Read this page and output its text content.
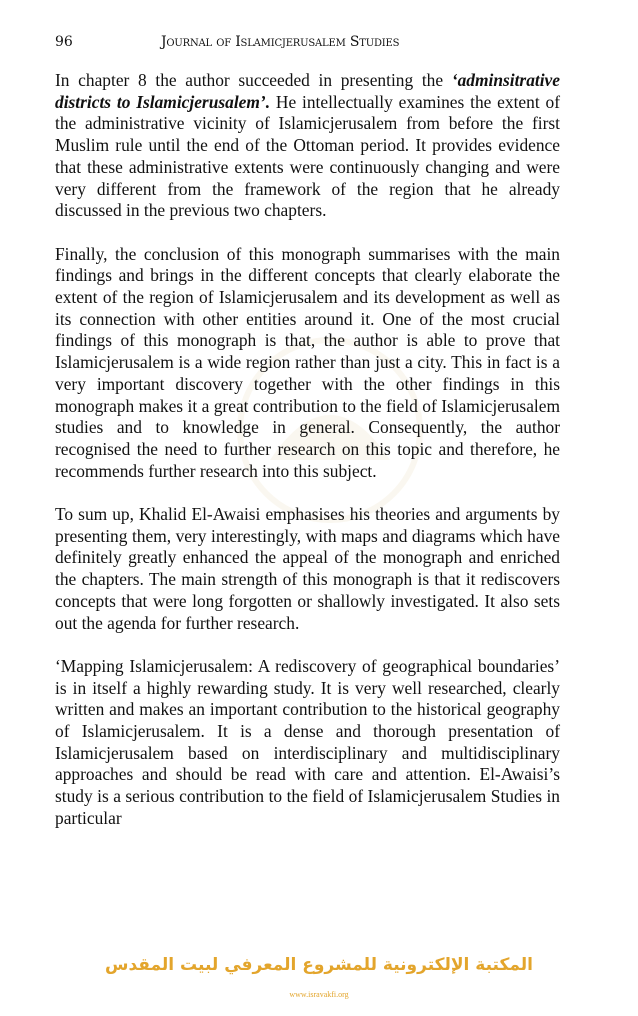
96	Journal of Islamicjerusalem Studies

In chapter 8 the author succeeded in presenting the ‘adminsitrative districts to Islamicjerusalem’. He intellectually examines the extent of the administrative vicinity of Islamicjerusalem from before the first Muslim rule until the end of the Ottoman period. It provides evidence that these administrative extents were continuously changing and were very different from the framework of the region that he already discussed in the previous two chapters.

Finally, the conclusion of this monograph summarises with the main findings and brings in the different concepts that clearly elaborate the extent of the region of Islamicjerusalem and its development as well as its connection with other entities around it. One of the most crucial findings of this monograph is that, the author is able to prove that Islamicjerusalem is a wide region rather than just a city. This in fact is a very important discovery together with the other findings in this monograph makes it a great contribution to the field of Islamicjerusalem studies and to knowledge in general. Consequently, the author recognised the need to further research on this topic and therefore, he recommends further research into this subject.

To sum up, Khalid El-Awaisi emphasises his theories and arguments by presenting them, very interestingly, with maps and diagrams which have definitely greatly enhanced the appeal of the monograph and enriched the chapters. The main strength of this monograph is that it rediscovers concepts that were long forgotten or shallowly investigated. It also sets out the agenda for further research.

‘Mapping Islamicjerusalem: A rediscovery of geographical boundaries’ is in itself a highly rewarding study. It is very well researched, clearly written and makes an important contribution to the historical geography of Islamicjerusalem. It is a dense and thorough presentation of Islamicjerusalem based on interdisciplinary and multidisciplinary approaches and should be read with care and attention. El-Awaisi’s study is a serious contribution to the field of Islamicjerusalem Studies in particular

المكتبة الإلكترونية للمشروع المعرفي لبيت المقدس
www.isravakfi.org
